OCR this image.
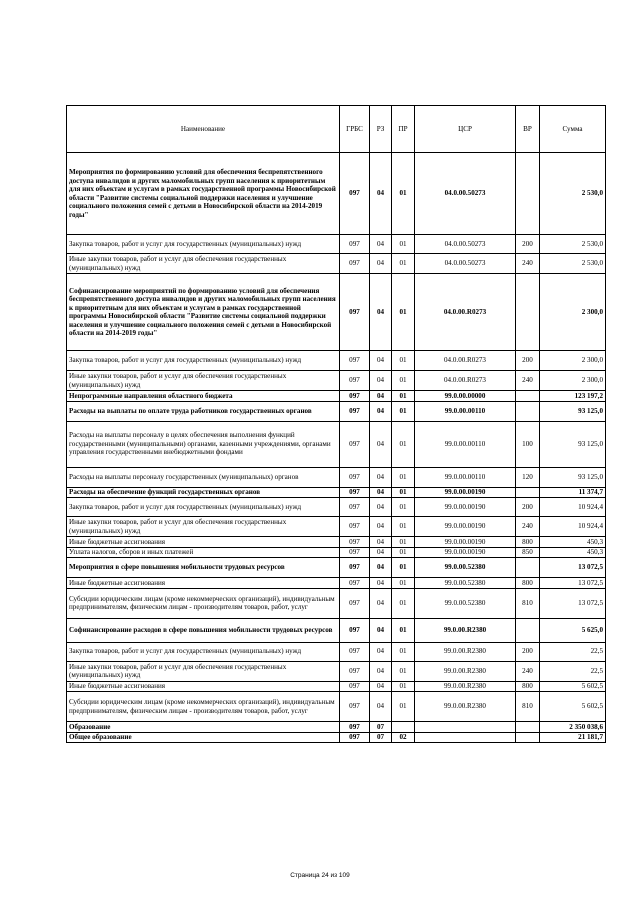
Наименование	ГРБС	РЗ	ПР	ЦСР	ВР	Сумма
Мероприятия по формированию условий для обеспечения беспрепятственного доступа инвалидов и других маломобильных групп населения к приоритетным для них объектам и услугам в рамках государственной программы Новосибирской области "Развитие системы социальной поддержки населения и улучшение социального положения семей с детьми в Новосибирской области на 2014-2019 годы"	097	04	01	04.0.00.50273		2 530,0
Закупка товаров, работ и услуг для государственных (муниципальных) нужд	097	04	01	04.0.00.50273	200	2 530,0
Иные закупки товаров, работ и услуг для обеспечения государственных (муниципальных) нужд	097	04	01	04.0.00.50273	240	2 530,0
Софинансирование мероприятий по формированию условий для обеспечения беспрепятственного доступа инвалидов и других маломобильных групп населения к приоритетным для них объектам и услугам в рамках государственной программы Новосибирской области "Развитие системы социальной поддержки населения и улучшение социального положения семей с детьми в Новосибирской области на 2014-2019 годы"	097	04	01	04.0.00.R0273		2 300,0
Закупка товаров, работ и услуг для государственных (муниципальных) нужд	097	04	01	04.0.00.R0273	200	2 300,0
Иные закупки товаров, работ и услуг для обеспечения государственных (муниципальных) нужд	097	04	01	04.0.00.R0273	240	2 300,0
Непрограммные направления областного бюджета	097	04	01	99.0.00.00000		123 197,2
Расходы на выплаты по оплате труда работников государственных органов	097	04	01	99.0.00.00110		93 125,0
Расходы на выплаты персоналу в целях обеспечения выполнения функций государственными (муниципальными) органами, казенными учреждениями, органами управления государственными внебюджетными фондами	097	04	01	99.0.00.00110	100	93 125,0
Расходы на выплаты персоналу государственных (муниципальных) органов	097	04	01	99.0.00.00110	120	93 125,0
Расходы на обеспечение функций государственных органов	097	04	01	99.0.00.00190		11 374,7
Закупка товаров, работ и услуг для государственных (муниципальных) нужд	097	04	01	99.0.00.00190	200	10 924,4
Иные закупки товаров, работ и услуг для обеспечения государственных (муниципальных) нужд	097	04	01	99.0.00.00190	240	10 924,4
Иные бюджетные ассигнования	097	04	01	99.0.00.00190	800	450,3
Уплата налогов, сборов и иных платежей	097	04	01	99.0.00.00190	850	450,3
Мероприятия в сфере повышения мобильности трудовых ресурсов	097	04	01	99.0.00.52380		13 072,5
Иные бюджетные ассигнования	097	04	01	99.0.00.52380	800	13 072,5
Субсидии юридическим лицам (кроме некоммерческих организаций), индивидуальным предпринимателям, физическим лицам - производителям товаров, работ, услуг	097	04	01	99.0.00.52380	810	13 072,5
Софинансирование расходов в сфере повышения мобильности трудовых ресурсов	097	04	01	99.0.00.R2380		5 625,0
Закупка товаров, работ и услуг для государственных (муниципальных) нужд	097	04	01	99.0.00.R2380	200	22,5
Иные закупки товаров, работ и услуг для обеспечения государственных (муниципальных) нужд	097	04	01	99.0.00.R2380	240	22,5
Иные бюджетные ассигнования	097	04	01	99.0.00.R2380	800	5 602,5
Субсидии юридическим лицам (кроме некоммерческих организаций), индивидуальным предпринимателям, физическим лицам - производителям товаров, работ, услуг	097	04	01	99.0.00.R2380	810	5 602,5
Образование	097	07				2 350 038,6
Общее образование	097	07	02			21 181,7
Страница 24 из 109
